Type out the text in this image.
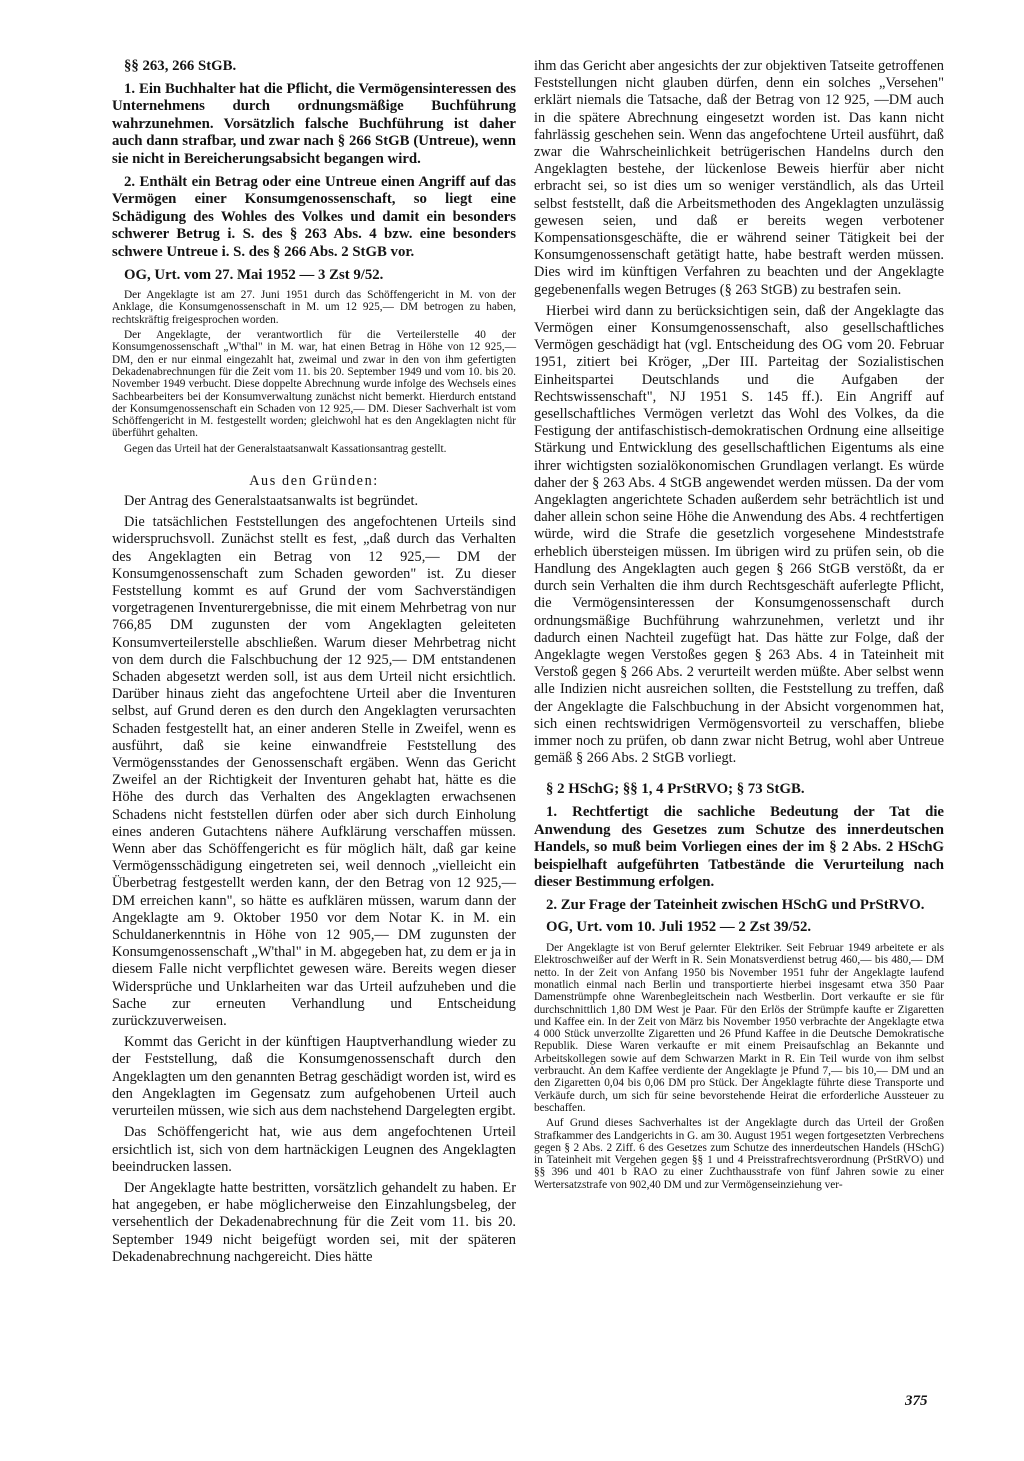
§§ 263, 266 StGB.

1. Ein Buchhalter hat die Pflicht, die Vermögensinteressen des Unternehmens durch ordnungsmäßige Buchführung wahrzunehmen. Vorsätzlich falsche Buchführung ist daher auch dann strafbar, und zwar nach § 266 StGB (Untreue), wenn sie nicht in Bereicherungsabsicht begangen wird.

2. Enthält ein Betrag oder eine Untreue einen Angriff auf das Vermögen einer Konsumgenossenschaft, so liegt eine Schädigung des Wohles des Volkes und damit ein besonders schwerer Betrug i. S. des § 263 Abs. 4 bzw. eine besonders schwere Untreue i. S. des § 266 Abs. 2 StGB vor.

OG, Urt. vom 27. Mai 1952 — 3 Zst 9/52.

Der Angeklagte ist am 27. Juni 1951 durch das Schöffengericht in M. von der Anklage, die Konsumgenossenschaft in M. um 12 925,— DM betrogen zu haben, rechtskräftig freigesprochen worden.

Der Angeklagte, der verantwortlich für die Verteilerstelle 40 der Konsumgenossenschaft „W'thal" in M. war, hat einen Betrag in Höhe von 12 925,— DM, den er nur einmal eingezahlt hat, zweimal und zwar in den von ihm gefertigten Dekadenabrechnungen für die Zeit vom 11. bis 20. September 1949 und vom 10. bis 20. November 1949 verbucht. Diese doppelte Abrechnung wurde infolge des Wechsels eines Sachbearbeiters bei der Konsumverwaltung zunächst nicht bemerkt. Hierdurch entstand der Konsumgenossenschaft ein Schaden von 12 925,— DM. Dieser Sachverhalt ist vom Schöffengericht in M. festgestellt worden; gleichwohl hat es den Angeklagten nicht für überführt gehalten.

Gegen das Urteil hat der Generalstaatsanwalt Kassationsantrag gestellt.

Aus den Gründen:

Der Antrag des Generalstaatsanwalts ist begründet.

Die tatsächlichen Feststellungen des angefochtenen Urteils sind widerspruchsvoll. Zunächst stellt es fest, „daß durch das Verhalten des Angeklagten ein Betrag von 12 925,— DM der Konsumgenossenschaft zum Schaden geworden" ist. Zu dieser Feststellung kommt es auf Grund der vom Sachverständigen vorgetragenen Inventurergebnisse, die mit einem Mehrbetrag von nur 766,85 DM zugunsten der vom Angeklagten geleiteten Konsumverteilerstelle abschließen. Warum dieser Mehrbetrag nicht von dem durch die Falschbuchung der 12 925,— DM entstandenen Schaden abgesetzt werden soll, ist aus dem Urteil nicht ersichtlich. Darüber hinaus zieht das angefochtene Urteil aber die Inventuren selbst, auf Grund deren es den durch den Angeklagten verursachten Schaden festgestellt hat, an einer anderen Stelle in Zweifel, wenn es ausführt, daß sie keine einwandfreie Feststellung des Vermögensstandes der Genossenschaft ergäben. Wenn das Gericht Zweifel an der Richtigkeit der Inventuren gehabt hat, hätte es die Höhe des durch das Verhalten des Angeklagten erwachsenen Schadens nicht feststellen dürfen oder aber sich durch Einholung eines anderen Gutachtens nähere Aufklärung verschaffen müssen. Wenn aber das Schöffengericht es für möglich hält, daß gar keine Vermögensschädigung eingetreten sei, weil dennoch „vielleicht ein Überbetrag festgestellt werden kann, der den Betrag von 12 925,— DM erreichen kann", so hätte es aufklären müssen, warum dann der Angeklagte am 9. Oktober 1950 vor dem Notar K. in M. ein Schuldanerkenntnis in Höhe von 12 905,— DM zugunsten der Konsumgenossenschaft „W'thal" in M. abgegeben hat, zu dem er ja in diesem Falle nicht verpflichtet gewesen wäre. Bereits wegen dieser Widersprüche und Unklarheiten war das Urteil aufzuheben und die Sache zur erneuten Verhandlung und Entscheidung zurückzuverweisen.

Kommt das Gericht in der künftigen Hauptverhandlung wieder zu der Feststellung, daß die Konsumgenossenschaft durch den Angeklagten um den genannten Betrag geschädigt worden ist, wird es den Angeklagten im Gegensatz zum aufgehobenen Urteil auch verurteilen müssen, wie sich aus dem nachstehend Dargelegten ergibt.

Das Schöffengericht hat, wie aus dem angefochtenen Urteil ersichtlich ist, sich von dem hartnäckigen Leugnen des Angeklagten beeindrucken lassen.

Der Angeklagte hatte bestritten, vorsätzlich gehandelt zu haben. Er hat angegeben, er habe möglicherweise den Einzahlungsbeleg, der versehentlich der Dekadenabrechnung für die Zeit vom 11. bis 20. September 1949 nicht beigefügt worden sei, mit der späteren Dekadenabrechnung nachgereicht. Dies hätte

ihm das Gericht aber angesichts der zur objektiven Tatseite getroffenen Feststellungen nicht glauben dürfen, denn ein solches „Versehen" erklärt niemals die Tatsache, daß der Betrag von 12 925, —DM auch in die spätere Abrechnung eingesetzt worden ist. Das kann nicht fahrlässig geschehen sein. Wenn das angefochtene Urteil ausführt, daß zwar die Wahrscheinlichkeit betrügerischen Handelns durch den Angeklagten bestehe, der lückenlose Beweis hierfür aber nicht erbracht sei, so ist dies um so weniger verständlich, als das Urteil selbst feststellt, daß die Arbeitsmethoden des Angeklagten unzulässig gewesen seien, und daß er bereits wegen verbotener Kompensationsgeschäfte, die er während seiner Tätigkeit bei der Konsumgenossenschaft getätigt hatte, habe bestraft werden müssen. Dies wird im künftigen Verfahren zu beachten und der Angeklagte gegebenenfalls wegen Betruges (§ 263 StGB) zu bestrafen sein.

Hierbei wird dann zu berücksichtigen sein, daß der Angeklagte das Vermögen einer Konsumgenossenschaft, also gesellschaftliches Vermögen geschädigt hat (vgl. Entscheidung des OG vom 20. Februar 1951, zitiert bei Kröger, „Der III. Parteitag der Sozialistischen Einheitspartei Deutschlands und die Aufgaben der Rechtswissenschaft", NJ 1951 S. 145 ff.). Ein Angriff auf gesellschaftliches Vermögen verletzt das Wohl des Volkes, da die Festigung der antifaschistisch-demokratischen Ordnung eine allseitige Stärkung und Entwicklung des gesellschaftlichen Eigentums als eine ihrer wichtigsten sozialökonomischen Grundlagen verlangt. Es würde daher der § 263 Abs. 4 StGB angewendet werden müssen. Da der vom Angeklagten angerichtete Schaden außerdem sehr beträchtlich ist und daher allein schon seine Höhe die Anwendung des Abs. 4 rechtfertigen würde, wird die Strafe die gesetzlich vorgesehene Mindeststrafe erheblich übersteigen müssen. Im übrigen wird zu prüfen sein, ob die Handlung des Angeklagten auch gegen § 266 StGB verstößt, da er durch sein Verhalten die ihm durch Rechtsgeschäft auferlegte Pflicht, die Vermögensinteressen der Konsumgenossenschaft durch ordnungsmäßige Buchführung wahrzunehmen, verletzt und ihr dadurch einen Nachteil zugefügt hat. Das hätte zur Folge, daß der Angeklagte wegen Verstoßes gegen § 263 Abs. 4 in Tateinheit mit Verstoß gegen § 266 Abs. 2 verurteilt werden müßte. Aber selbst wenn alle Indizien nicht ausreichen sollten, die Feststellung zu treffen, daß der Angeklagte die Falschbuchung in der Absicht vorgenommen hat, sich einen rechtswidrigen Vermögensvorteil zu verschaffen, bliebe immer noch zu prüfen, ob dann zwar nicht Betrug, wohl aber Untreue gemäß § 266 Abs. 2 StGB vorliegt.

§ 2 HSchG; §§ 1, 4 PrStRVO; § 73 StGB.

1. Rechtfertigt die sachliche Bedeutung der Tat die Anwendung des Gesetzes zum Schutze des innerdeutschen Handels, so muß beim Vorliegen eines der im § 2 Abs. 2 HSchG beispielhaft aufgeführten Tatbestände die Verurteilung nach dieser Bestimmung erfolgen.

2. Zur Frage der Tateinheit zwischen HSchG und PrStRVO.

OG, Urt. vom 10. Juli 1952 — 2 Zst 39/52.

Der Angeklagte ist von Beruf gelernter Elektriker. Seit Februar 1949 arbeitete er als Elektroschweißer auf der Werft in R. Sein Monatsverdienst betrug 460,— bis 480,— DM netto. In der Zeit von Anfang 1950 bis November 1951 fuhr der Angeklagte laufend monatlich einmal nach Berlin und transportierte hierbei insgesamt etwa 350 Paar Damenstrümpfe ohne Warenbegleitschein nach Westberlin. Dort verkaufte er sie für durchschnittlich 1,80 DM West je Paar. Für den Erlös der Strümpfe kaufte er Zigaretten und Kaffee ein. In der Zeit von März bis November 1950 verbrachte der Angeklagte etwa 4 000 Stück unverzollte Zigaretten und 26 Pfund Kaffee in die Deutsche Demokratische Republik. Diese Waren verkaufte er mit einem Preisaufschlag an Bekannte und Arbeitskollegen sowie auf dem Schwarzen Markt in R. Ein Teil wurde von ihm selbst verbraucht. An dem Kaffee verdiente der Angeklagte je Pfund 7,— bis 10,— DM und an den Zigaretten 0,04 bis 0,06 DM pro Stück. Der Angeklagte führte diese Transporte und Verkäufe durch, um sich für seine bevorstehende Heirat die erforderliche Aussteuer zu beschaffen.

Auf Grund dieses Sachverhaltes ist der Angeklagte durch das Urteil der Großen Strafkammer des Landgerichts in G. am 30. August 1951 wegen fortgesetzten Verbrechens gegen § 2 Abs. 2 Ziff. 6 des Gesetzes zum Schutze des innerdeutschen Handels (HSchG) in Tateinheit mit Vergehen gegen §§ 1 und 4 Preisstrafrechtsverordnung (PrStRVO) und §§ 396 und 401 b RAO zu einer Zuchthausstrafe von fünf Jahren sowie zu einer Wertersatzstrafe von 902,40 DM und zur Vermögenseinziehung ver-

375
